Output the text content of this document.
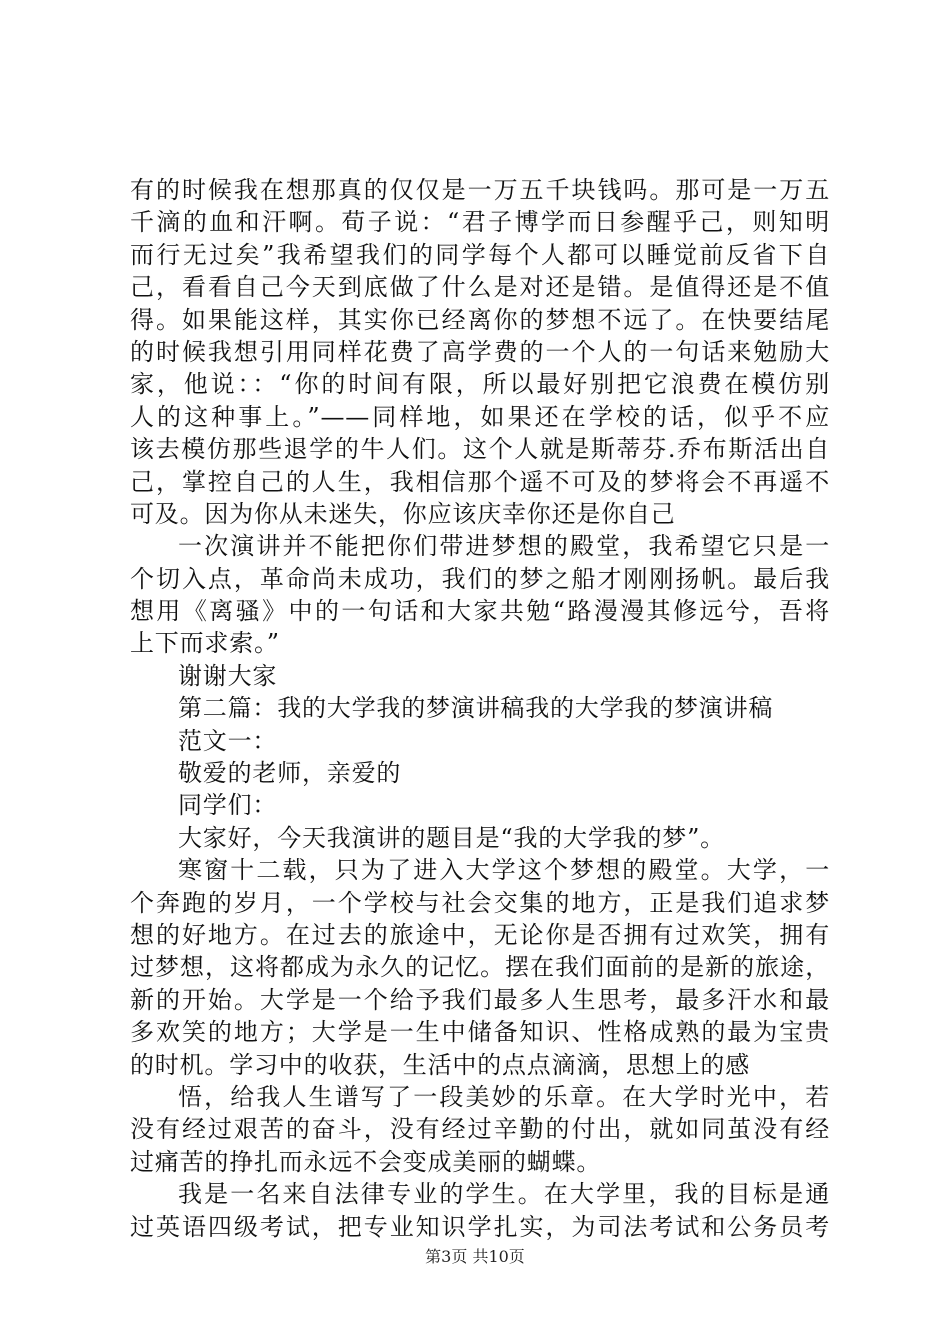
有的时候我在想那真的仅仅是一万五千块钱吗。那可是一万五
千滴的血和汗啊。荀子说：“君子博学而日参醒乎己，则知明
而行无过矣”我希望我们的同学每个人都可以睡觉前反省下自
己，看看自己今天到底做了什么是对还是错。是值得还是不值
得。如果能这样，其实你已经离你的梦想不远了。在快要结尾
的时候我想引用同样花费了高学费的一个人的一句话来勉励大
家，他说：：“你的时间有限，所以最好别把它浪费在模仿别
人的这种事上。”——同样地，如果还在学校的话，似乎不应
该去模仿那些退学的牛人们。这个人就是斯蒂芬.乔布斯活出自
己，掌控自己的人生，我相信那个遥不可及的梦将会不再遥不
可及。因为你从未迷失，你应该庆幸你还是你自己
一次演讲并不能把你们带进梦想的殿堂，我希望它只是一
个切入点，革命尚未成功，我们的梦之船才刚刚扬帆。最后我
想用《离骚》中的一句话和大家共勉“路漫漫其修远兮，吾将
上下而求索。”
谢谢大家
第二篇：我的大学我的梦演讲稿我的大学我的梦演讲稿
范文一：
敬爱的老师，亲爱的
同学们：
大家好，今天我演讲的题目是“我的大学我的梦”。
寒窗十二载，只为了进入大学这个梦想的殿堂。大学，一
个奔跑的岁月，一个学校与社会交集的地方，正是我们追求梦
想的好地方。在过去的旅途中，无论你是否拥有过欢笑，拥有
过梦想，这将都成为永久的记忆。摆在我们面前的是新的旅途，
新的开始。大学是一个给予我们最多人生思考，最多汗水和最
多欢笑的地方；大学是一生中储备知识、性格成熟的最为宝贵
的时机。学习中的收获，生活中的点点滴滴，思想上的感
悟，给我人生谱写了一段美妙的乐章。在大学时光中，若
没有经过艰苦的奋斗，没有经过辛勤的付出，就如同茧没有经
过痛苦的挣扎而永远不会变成美丽的蝴蝶。
我是一名来自法律专业的学生。在大学里，我的目标是通
过英语四级考试，把专业知识学扎实，为司法考试和公务员考
第3页 共10页
